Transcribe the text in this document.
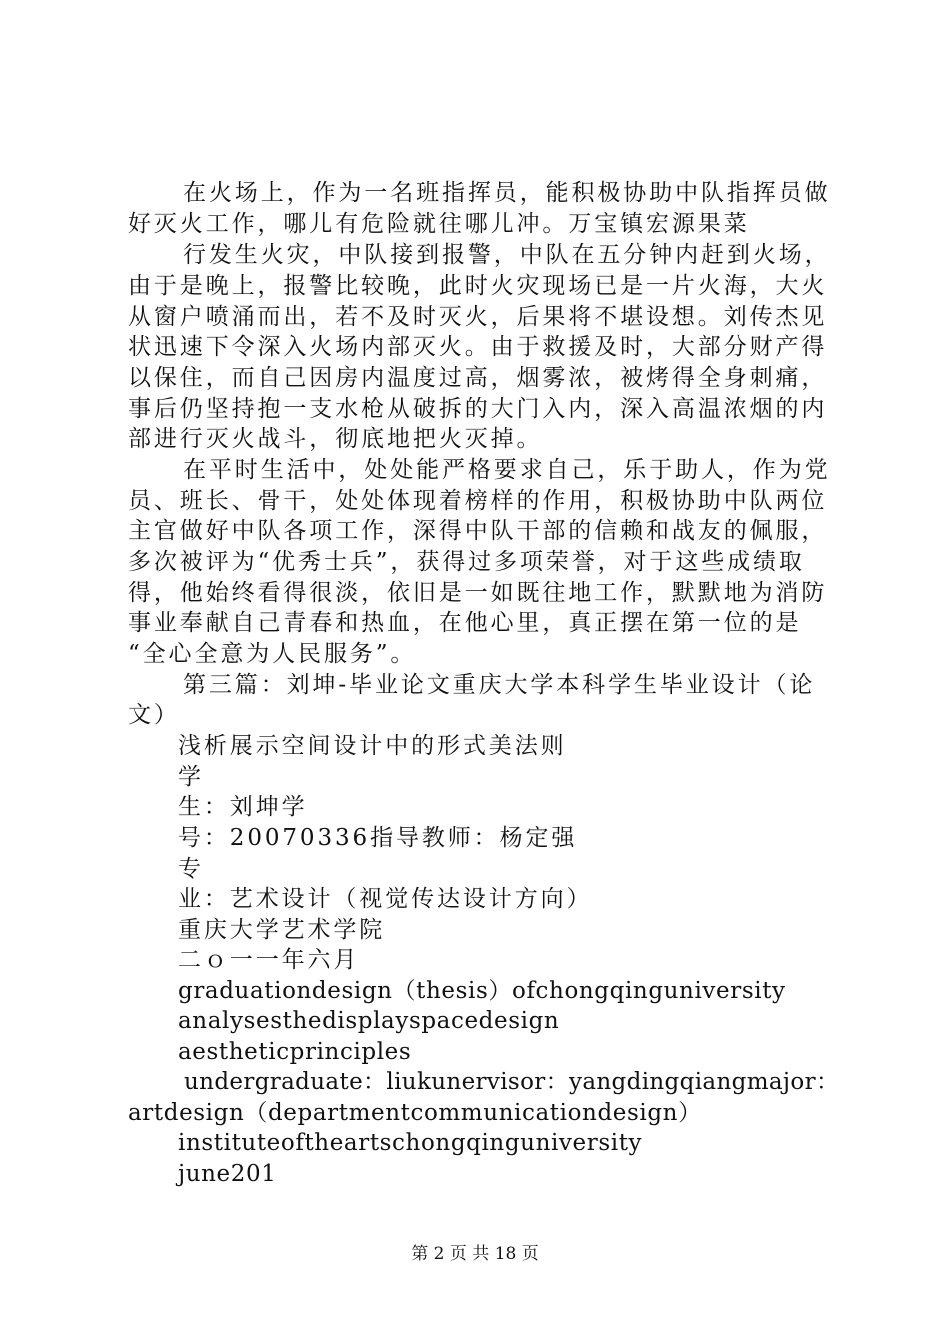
在火场上，作为一名班指挥员，能积极协助中队指挥员做
好灭火工作，哪儿有危险就往哪儿冲。万宝镇宏源果菜
行发生火灾，中队接到报警，中队在五分钟内赶到火场，
由于是晚上，报警比较晚，此时火灾现场已是一片火海，大火
从窗户喷涌而出，若不及时灭火，后果将不堪设想。刘传杰见
状迅速下令深入火场内部灭火。由于救援及时，大部分财产得
以保住，而自己因房内温度过高，烟雾浓，被烤得全身刺痛，
事后仍坚持抱一支水枪从破拆的大门入内，深入高温浓烟的内
部进行灭火战斗，彻底地把火灭掉。
在平时生活中，处处能严格要求自己，乐于助人，作为党
员、班长、骨干，处处体现着榜样的作用，积极协助中队两位
主官做好中队各项工作，深得中队干部的信赖和战友的佩服，
多次被评为“优秀士兵”，获得过多项荣誉，对于这些成绩取
得，他始终看得很淡，依旧是一如既往地工作，默默地为消防
事业奉献自己青春和热血，在他心里，真正摆在第一位的是
“全心全意为人民服务”。
第三篇：刘坤-毕业论文重庆大学本科学生毕业设计（论
文）
浅析展示空间设计中的形式美法则
学
生：刘坤学
号：20070336指导教师：杨定强
专
业：艺术设计（视觉传达设计方向）
重庆大学艺术学院
二ｏ一一年六月
graduationdesign（thesis）ofchongqinguniversity
analysesthedisplayspacedesign
aestheticprinciples
undergraduate：liukunervisor：yangdingqiangmajor：
artdesign（departmentcommunicationdesign）
instituteoftheartschongqinguniversity
june201
第 2 页 共 18 页
